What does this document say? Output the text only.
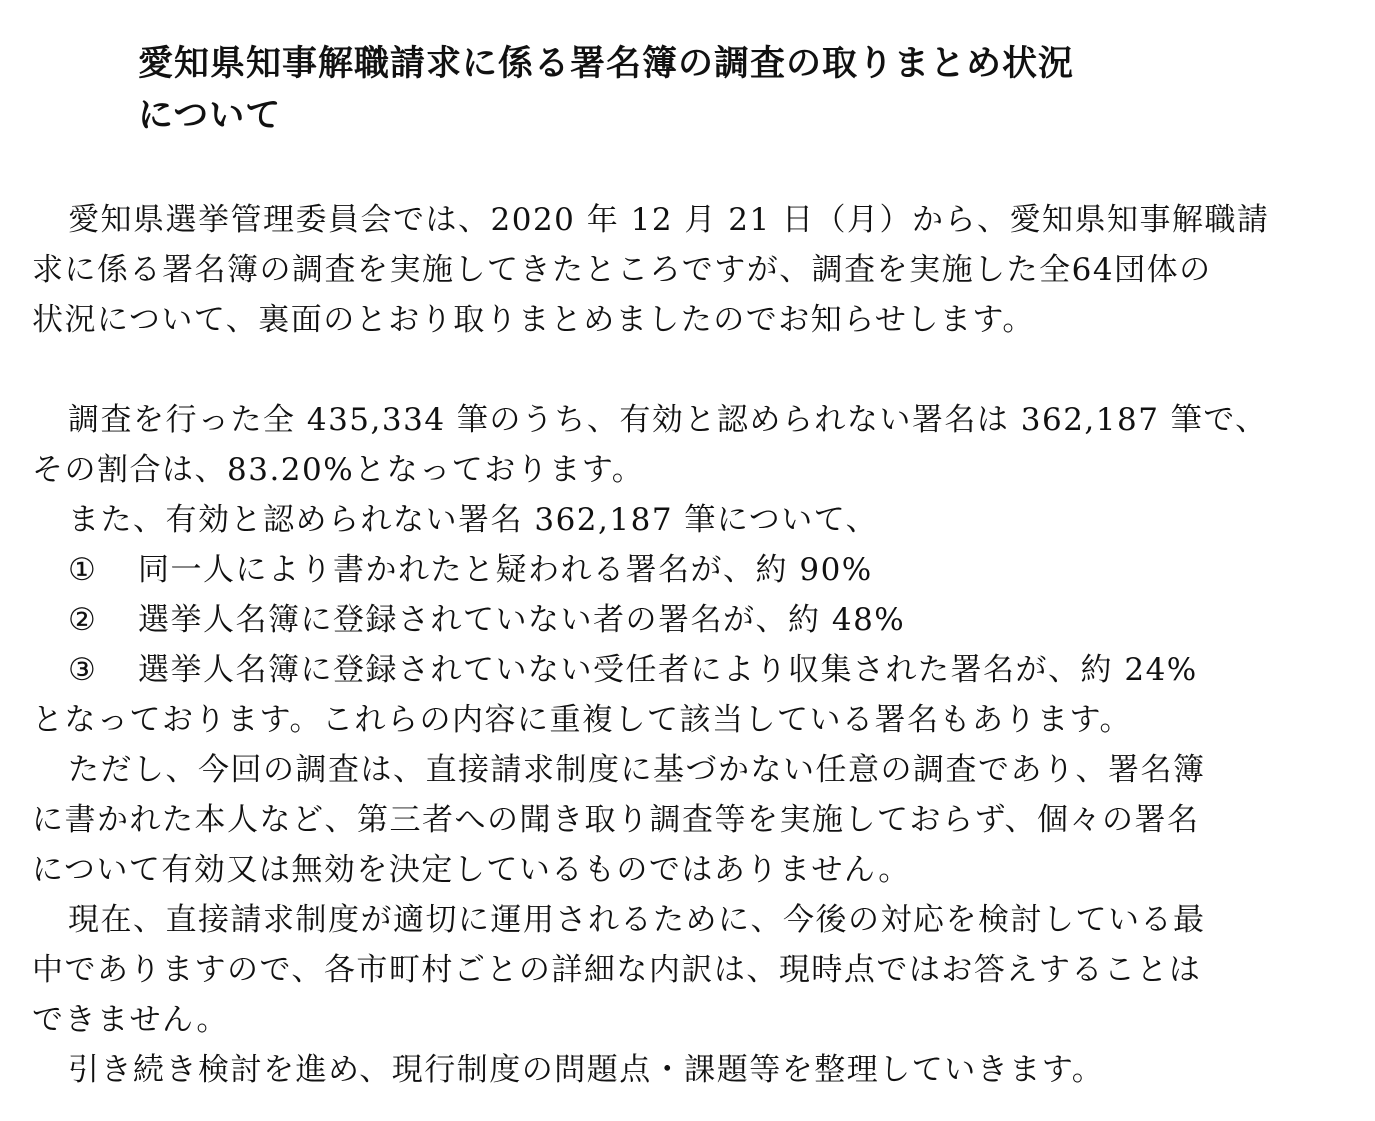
愛知県知事解職請求に係る署名簿の調査の取りまとめ状況
について
愛知県選挙管理委員会では、2020 年 12 月 21 日（月）から、愛知県知事解職請
求に係る署名簿の調査を実施してきたところですが、調査を実施した全64団体の
状況について、裏面のとおり取りまとめましたのでお知らせします。
調査を行った全 435,334 筆のうち、有効と認められない署名は 362,187 筆で、
その割合は、83.20%となっております。
また、有効と認められない署名 362,187 筆について、
① 同一人により書かれたと疑われる署名が、約 90%
② 選挙人名簿に登録されていない者の署名が、約 48%
③ 選挙人名簿に登録されていない受任者により収集された署名が、約 24%
となっております。これらの内容に重複して該当している署名もあります。
ただし、今回の調査は、直接請求制度に基づかない任意の調査であり、署名簿
に書かれた本人など、第三者への聞き取り調査等を実施しておらず、個々の署名
について有効又は無効を決定しているものではありません。
現在、直接請求制度が適切に運用されるために、今後の対応を検討している最
中でありますので、各市町村ごとの詳細な内訳は、現時点ではお答えすることは
できません。
引き続き検討を進め、現行制度の問題点・課題等を整理していきます。
